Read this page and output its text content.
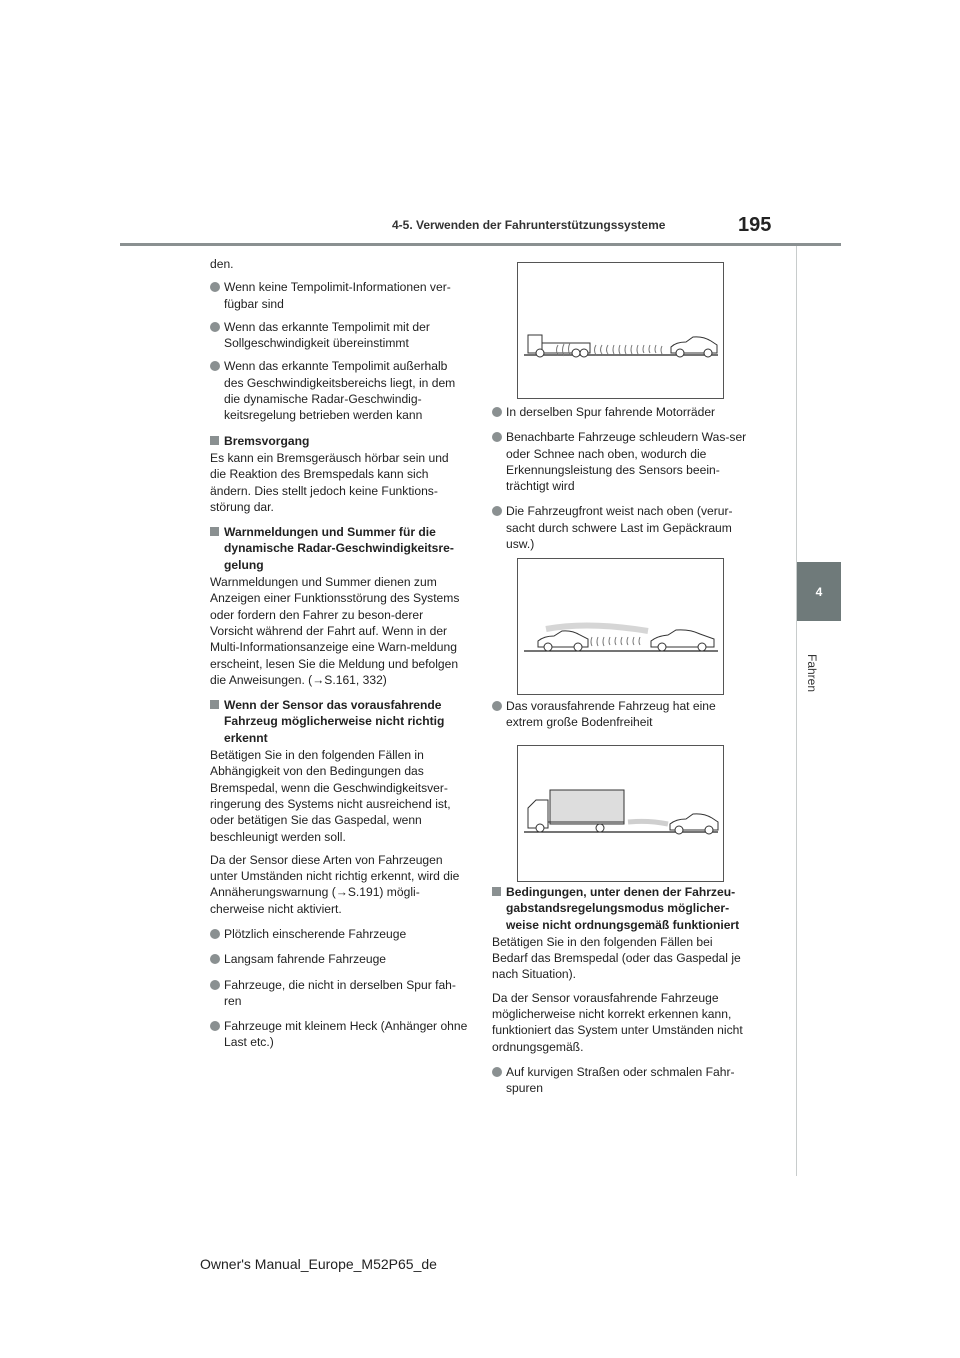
4-5. Verwenden der Fahrunterstützungssysteme	195
4
Fahren

den.

Wenn keine Tempolimit-Informationen ver-fügbar sind
Wenn das erkannte Tempolimit mit der Sollgeschwindigkeit übereinstimmt
Wenn das erkannte Tempolimit außerhalb des Geschwindigkeitsbereichs liegt, in dem die dynamische Radar-Geschwindig-keitsregelung betrieben werden kann
Bremsvorgang

Es kann ein Bremsgeräusch hörbar sein und die Reaktion des Bremspedals kann sich ändern. Dies stellt jedoch keine Funktions-störung dar.

Warnmeldungen und Summer für die dynamische Radar-Geschwindigkeitsre-gelung

Warnmeldungen und Summer dienen zum Anzeigen einer Funktionsstörung des Systems oder fordern den Fahrer zu beson-derer Vorsicht während der Fahrt auf. Wenn in der Multi-Informationsanzeige eine Warn-meldung erscheint, lesen Sie die Meldung und befolgen die Anweisungen. (→S.161, 332)

Wenn der Sensor das vorausfahrende Fahrzeug möglicherweise nicht richtig erkennt

Betätigen Sie in den folgenden Fällen in Abhängigkeit von den Bedingungen das Bremspedal, wenn die Geschwindigkeitsver-ringerung des Systems nicht ausreichend ist, oder betätigen Sie das Gaspedal, wenn beschleunigt werden soll.

Da der Sensor diese Arten von Fahrzeugen unter Umständen nicht richtig erkennt, wird die Annäherungswarnung (→S.191) mögli-cherweise nicht aktiviert.

Plötzlich einscherende Fahrzeuge
Langsam fahrende Fahrzeuge
Fahrzeuge, die nicht in derselben Spur fah-ren
Fahrzeuge mit kleinem Heck (Anhänger ohne Last etc.)
In derselben Spur fahrende Motorräder
Benachbarte Fahrzeuge schleudern Was-ser oder Schnee nach oben, wodurch die Erkennungsleistung des Sensors beein-trächtigt wird
Die Fahrzeugfront weist nach oben (verur-sacht durch schwere Last im Gepäckraum usw.)
Das vorausfahrende Fahrzeug hat eine extrem große Bodenfreiheit
Bedingungen, unter denen der Fahrzeu-gabstandsregelungsmodus möglicher-weise nicht ordnungsgemäß funktioniert

Betätigen Sie in den folgenden Fällen bei Bedarf das Bremspedal (oder das Gaspedal je nach Situation).

Da der Sensor vorausfahrende Fahrzeuge möglicherweise nicht korrekt erkennen kann, funktioniert das System unter Umständen nicht ordnungsgemäß.

Auf kurvigen Straßen oder schmalen Fahr-spuren
Owner's Manual_Europe_M52P65_de
